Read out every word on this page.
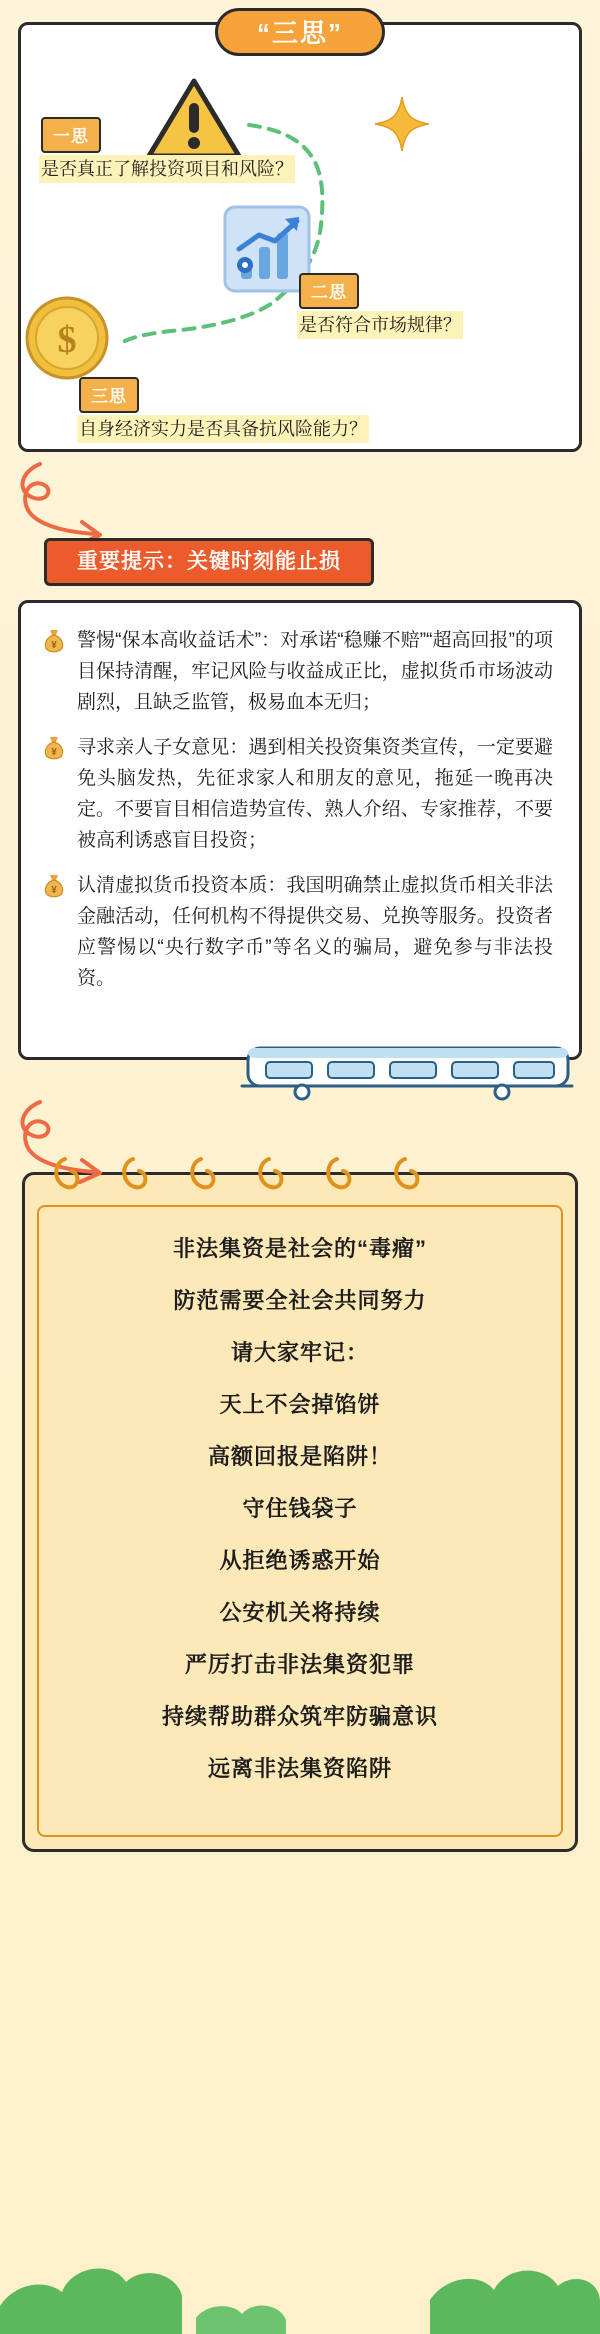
$
一思
是否真正了解投资项目和风险？
二思
是否符合市场规律？
三思
自身经济实力是否具备抗风险能力？
“三思”
重要提示：关键时刻能止损
¥ 警惕“保本高收益话术”：对承诺“稳赚不赔”“超高回报”的项目保持清醒，牢记风险与收益成正比，虚拟货币市场波动剧烈，且缺乏监管，极易血本无归；
¥ 寻求亲人子女意见：遇到相关投资集资类宣传，一定要避免头脑发热，先征求家人和朋友的意见，拖延一晚再决定。不要盲目相信造势宣传、熟人介绍、专家推荐，不要被高利诱惑盲目投资；
¥ 认清虚拟货币投资本质：我国明确禁止虚拟货币相关非法金融活动，任何机构不得提供交易、兑换等服务。投资者应警惕以“央行数字币”等名义的骗局，避免参与非法投资。
非法集资是社会的“毒瘤”
防范需要全社会共同努力
请大家牢记：
天上不会掉馅饼
高额回报是陷阱！
守住钱袋子
从拒绝诱惑开始
公安机关将持续
严厉打击非法集资犯罪
持续帮助群众筑牢防骗意识
远离非法集资陷阱
